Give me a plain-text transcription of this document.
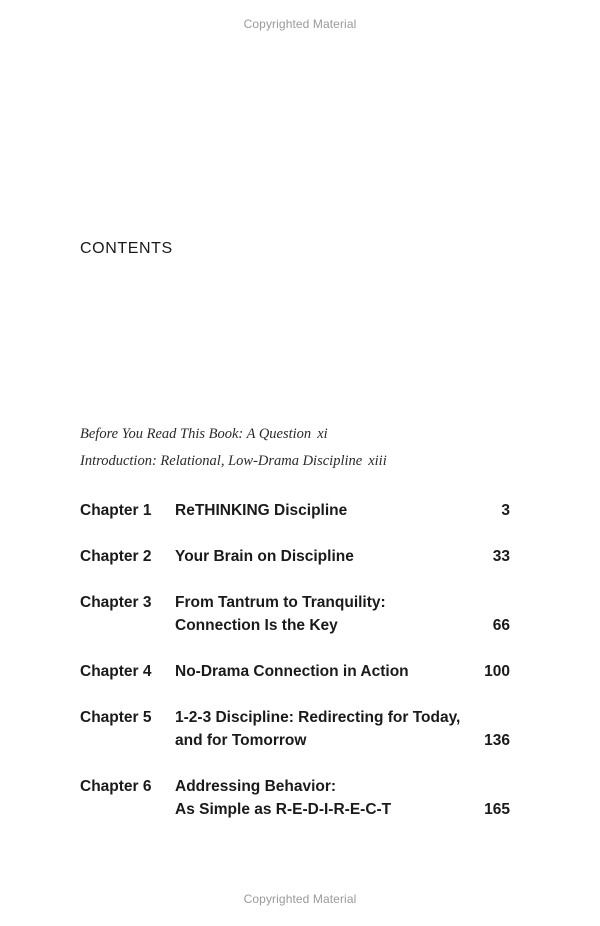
Copyrighted Material
CONTENTS
Before You Read This Book: A Question xi
Introduction: Relational, Low-Drama Discipline xiii
Chapter 1 ReTHINKING Discipline	3
Chapter 2 Your Brain on Discipline	33
Chapter 3 From Tantrum to Tranquility:
Connection Is the Key	66
Chapter 4 No-Drama Connection in Action	100
Chapter 5 1-2-3 Discipline: Redirecting for Today,
and for Tomorrow	136
Chapter 6 Addressing Behavior:
As Simple as R-E-D-I-R-E-C-T	165
Copyrighted Material
